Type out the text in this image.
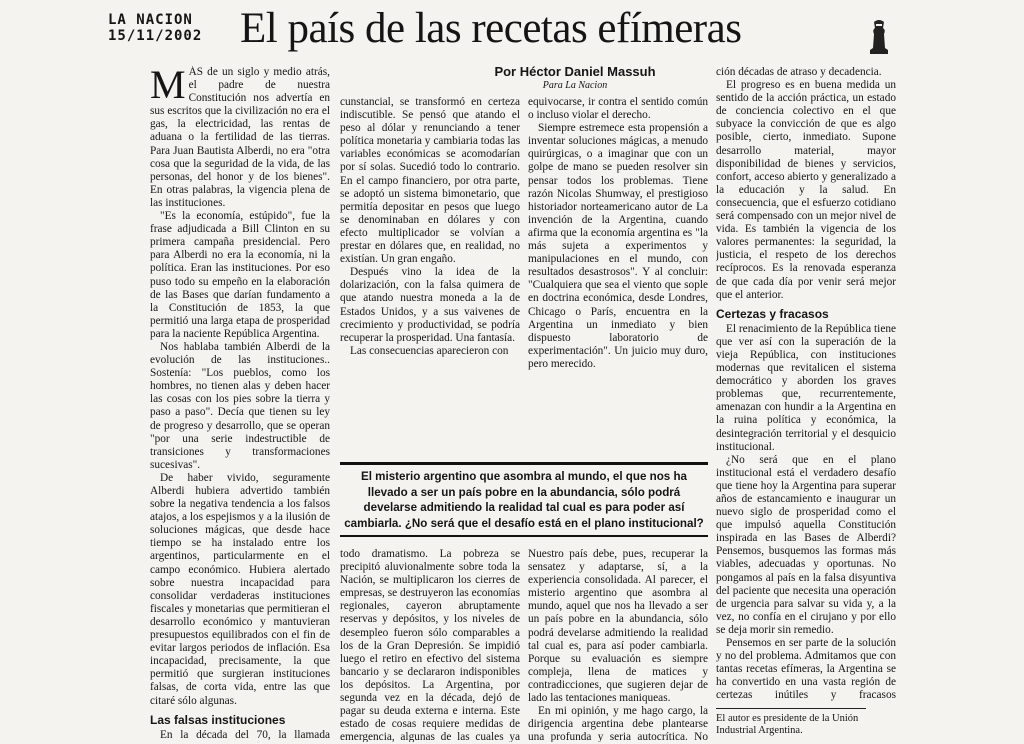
LA NACION
15/11/2002 El país de las recetas efímeras
Por Héctor Daniel Massuh
Para La Nacion

MÁS de un siglo y medio atrás, el padre de nuestra Constitución nos advertía en sus escritos que la civilización no era el gas, la electricidad, las rentas de aduana o la fertilidad de las tierras. Para Juan Bautista Alberdi, no era "otra cosa que la seguridad de la vida, de las personas, del honor y de los bienes". En otras palabras, la vigencia plena de las instituciones.

"Es la economía, estúpido", fue la frase adjudicada a Bill Clinton en su primera campaña presidencial. Pero para Alberdi no era la economía, ni la política. Eran las instituciones. Por eso puso todo su empeño en la elaboración de las Bases que darían fundamento a la Constitución de 1853, la que permitió una larga etapa de prosperidad para la naciente República Argentina.

Nos hablaba también Alberdi de la evolución de las instituciones.. Sostenía: "Los pueblos, como los hombres, no tienen alas y deben hacer las cosas con los pies sobre la tierra y paso a paso". Decía que tienen su ley de progreso y desarrollo, que se operan "por una serie indestructible de transiciones y transformaciones sucesivas".

De haber vivido, seguramente Alberdi hubiera advertido también sobre la negativa tendencia a los falsos atajos, a los espejismos y a la ilusión de soluciones mágicas, que desde hace tiempo se ha instalado entre los argentinos, particularmente en el campo económico. Hubiera alertado sobre nuestra incapacidad para consolidar verdaderas instituciones fiscales y monetarias que permitieran el desarrollo económico y mantuvieran presupuestos equilibrados con el fin de evitar largos periodos de inflación. Esa incapacidad, precisamente, la que permitió que surgieran instituciones falsas, de corta vida, entre las que citaré sólo algunas.

Las falsas instituciones

En la década del 70, la llamada

cunstancial, se transformó en certeza indiscutible. Se pensó que atando el peso al dólar y renunciando a tener política monetaria y cambiaria todas las variables económicas se acomodarían por sí solas. Sucedió todo lo contrario. En el campo financiero, por otra parte, se adoptó un sistema bimonetario, que permitía depositar en pesos que luego se denominaban en dólares y con efecto multiplicador se volvían a prestar en dólares que, en realidad, no existían. Un gran engaño.

Después vino la idea de la dolarización, con la falsa quimera de que atando nuestra moneda a la de Estados Unidos, y a sus vaivenes de crecimiento y productividad, se podría recuperar la prosperidad. Una fantasía.

Las consecuencias aparecieron con

equivocarse, ir contra el sentido común o incluso violar el derecho.

Siempre estremece esta propensión a inventar soluciones mágicas, a menudo quirúrgicas, o a imaginar que con un golpe de mano se pueden resolver sin pensar todos los problemas. Tiene razón Nicolas Shumway, el prestigioso historiador norteamericano autor de La invención de la Argentina, cuando afirma que la economía argentina es "la más sujeta a experimentos y manipulaciones en el mundo, con resultados desastrosos". Y al concluir: "Cualquiera que sea el viento que sople en doctrina económica, desde Londres, Chicago o París, encuentra en la Argentina un inmediato y bien dispuesto laboratorio de experimentación". Un juicio muy duro, pero merecido.

El misterio argentino que asombra al mundo, el que nos ha llevado a ser un país pobre en la abundancia, sólo podrá develarse admitiendo la realidad tal cual es para poder así cambiarla. ¿No será que el desafío está en el plano institucional?

todo dramatismo. La pobreza se precipitó aluvionalmente sobre toda la Nación, se multiplicaron los cierres de empresas, se destruyeron las economías regionales, cayeron abruptamente reservas y depósitos, y los niveles de desempleo fueron sólo comparables a los de la Gran Depresión. Se impidió luego el retiro en efectivo del sistema bancario y se declararon indisponibles los depósitos. La Argentina, por segunda vez en la década, dejó de pagar su deuda externa e interna. Este estado de cosas requiere medidas de emergencia, algunas de las cuales ya

Nuestro país debe, pues, recuperar la sensatez y adaptarse, sí, a la experiencia consolidada. Al parecer, el misterio argentino que asombra al mundo, aquel que nos ha llevado a ser un país pobre en la abundancia, sólo podrá develarse admitiendo la realidad tal cual es, para así poder cambiarla. Porque su evaluación es siempre compleja, llena de matices y contradicciones, que sugieren dejar de lado las tentaciones maniqueas.

En mi opinión, y me hago cargo, la dirigencia argentina debe plantearse una profunda y seria autocrítica. No

ción décadas de atraso y decadencia.

El progreso es en buena medida un sentido de la acción práctica, un estado de conciencia colectivo en el que subyace la convicción de que es algo posible, cierto, inmediato. Supone desarrollo material, mayor disponibilidad de bienes y servicios, confort, acceso abierto y generalizado a la educación y la salud. En consecuencia, que el esfuerzo cotidiano será compensado con un mejor nivel de vida. Es también la vigencia de los valores permanentes: la seguridad, la justicia, el respeto de los derechos recíprocos. Es la renovada esperanza de que cada día por venir será mejor que el anterior.

Certezas y fracasos

El renacimiento de la República tiene que ver así con la superación de la vieja República, con instituciones modernas que revitalicen el sistema democrático y aborden los graves problemas que, recurrentemente, amenazan con hundir a la Argentina en la ruina política y económica, la desintegración territorial y el desquicio institucional.

¿No será que en el plano institucional está el verdadero desafío que tiene hoy la Argentina para superar años de estancamiento e inaugurar un nuevo siglo de prosperidad como el que impulsó aquella Constitución inspirada en las Bases de Alberdi? Pensemos, busquemos las formas más viables, adecuadas y oportunas. No pongamos al país en la falsa disyuntiva del paciente que necesita una operación de urgencia para salvar su vida y, a la vez, no confía en el cirujano y por ello se deja morir sin remedio.

Pensemos en ser parte de la solución y no del problema. Admitamos que con tantas recetas efímeras, la Argentina se ha convertido en una vasta región de certezas inútiles y fracasos

El autor es presidente de la Unión Industrial Argentina.
